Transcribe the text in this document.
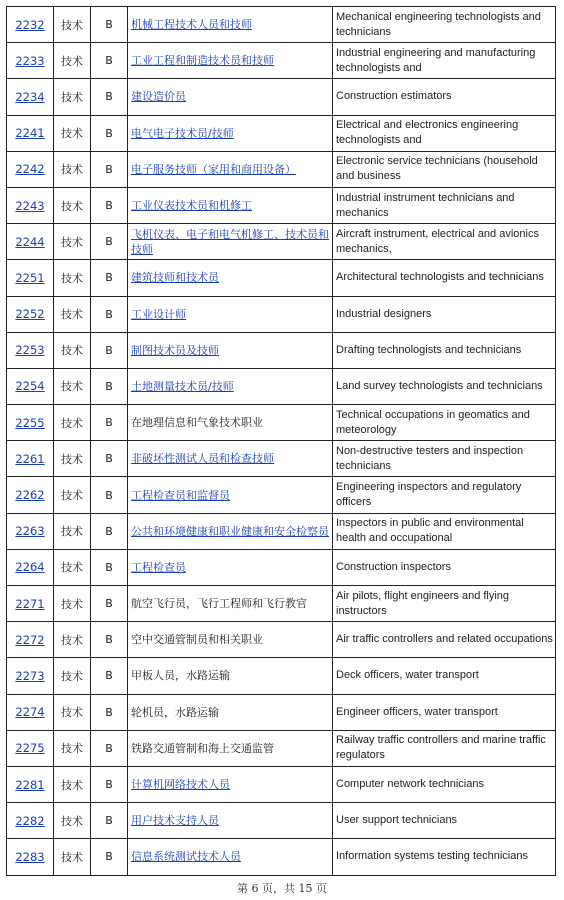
2232	技术	B	机械工程技术人员和技师	Mechanical engineering technologists and technicians
2233	技术	B	工业工程和制造技术员和技师	Industrial engineering and manufacturing technologists and
2234	技术	B	建设造价员	Construction estimators
2241	技术	B	电气电子技术员/技师	Electrical and electronics engineering technologists and
2242	技术	B	电子服务技师（家用和商用设备）	Electronic service technicians (household and business
2243	技术	B	工业仪表技术员和机修工	Industrial instrument technicians and mechanics
2244	技术	B	飞机仪表、电子和电气机修工、技术员和技师	Aircraft instrument, electrical and avionics mechanics,
2251	技术	B	建筑技师和技术员	Architectural technologists and technicians
2252	技术	B	工业设计师	Industrial designers
2253	技术	B	制图技术员及技师	Drafting technologists and technicians
2254	技术	B	土地测量技术员/技师	Land survey technologists and technicians
2255	技术	B	在地理信息和气象技术职业	Technical occupations in geomatics and meteorology
2261	技术	B	非破坏性测试人员和检查技师	Non-destructive testers and inspection technicians
2262	技术	B	工程检查员和监督员	Engineering inspectors and regulatory officers
2263	技术	B	公共和环境健康和职业健康和安全检察员	Inspectors in public and environmental health and occupational
2264	技术	B	工程检查员	Construction inspectors
2271	技术	B	航空飞行员，飞行工程师和飞行教官	Air pilots, flight engineers and flying instructors
2272	技术	B	空中交通管制员和相关职业	Air traffic controllers and related occupations
2273	技术	B	甲板人员，水路运输	Deck officers, water transport
2274	技术	B	轮机员，水路运输	Engineer officers, water transport
2275	技术	B	铁路交通管制和海上交通监管	Railway traffic controllers and marine traffic regulators
2281	技术	B	计算机网络技术人员	Computer network technicians
2282	技术	B	用户技术支持人员	User support technicians
2283	技术	B	信息系统测试技术人员	Information systems testing technicians
第 6 页，共 15 页
